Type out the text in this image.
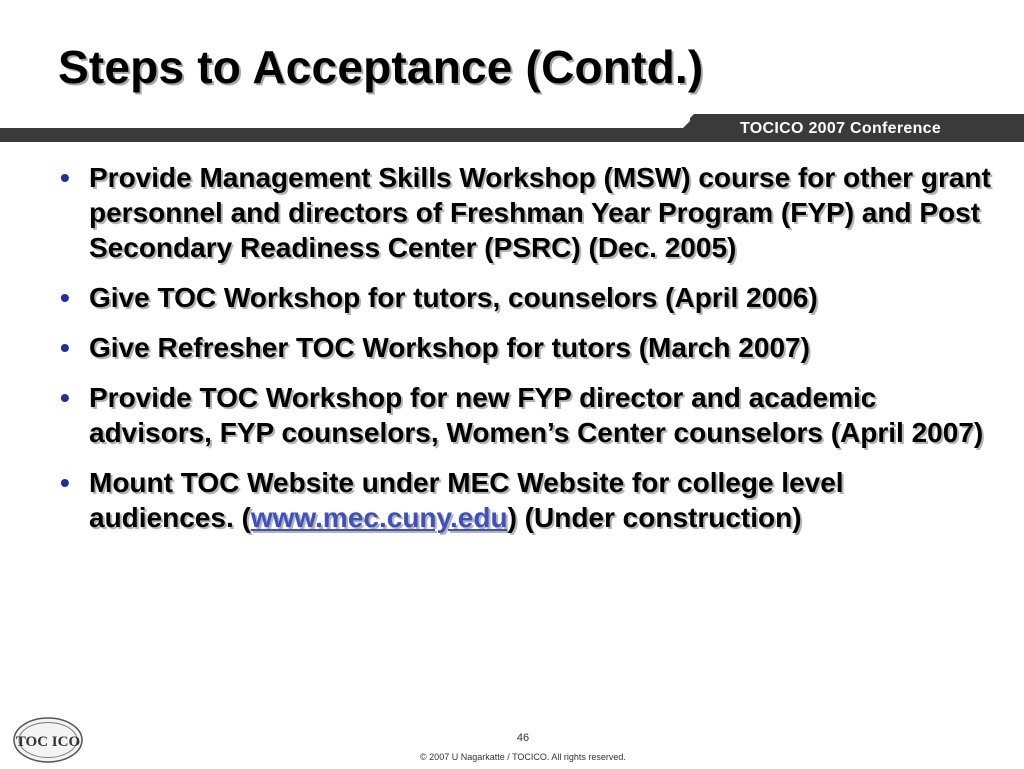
Steps to Acceptance (Contd.)
TOCICO 2007 Conference
• Provide Management Skills Workshop (MSW) course for other grant personnel and directors of Freshman Year Program (FYP) and Post Secondary Readiness Center (PSRC) (Dec. 2005)
• Give TOC Workshop for tutors, counselors (April 2006)
• Give Refresher TOC Workshop for tutors (March 2007)
• Provide TOC Workshop for new FYP director and academic advisors, FYP counselors, Women’s Center counselors (April 2007)
• Mount TOC Website under MEC Website for college level audiences. (www.mec.cuny.edu) (Under construction)
TOC ICO	46
© 2007 U Nagarkatte / TOCICO. All rights reserved.
